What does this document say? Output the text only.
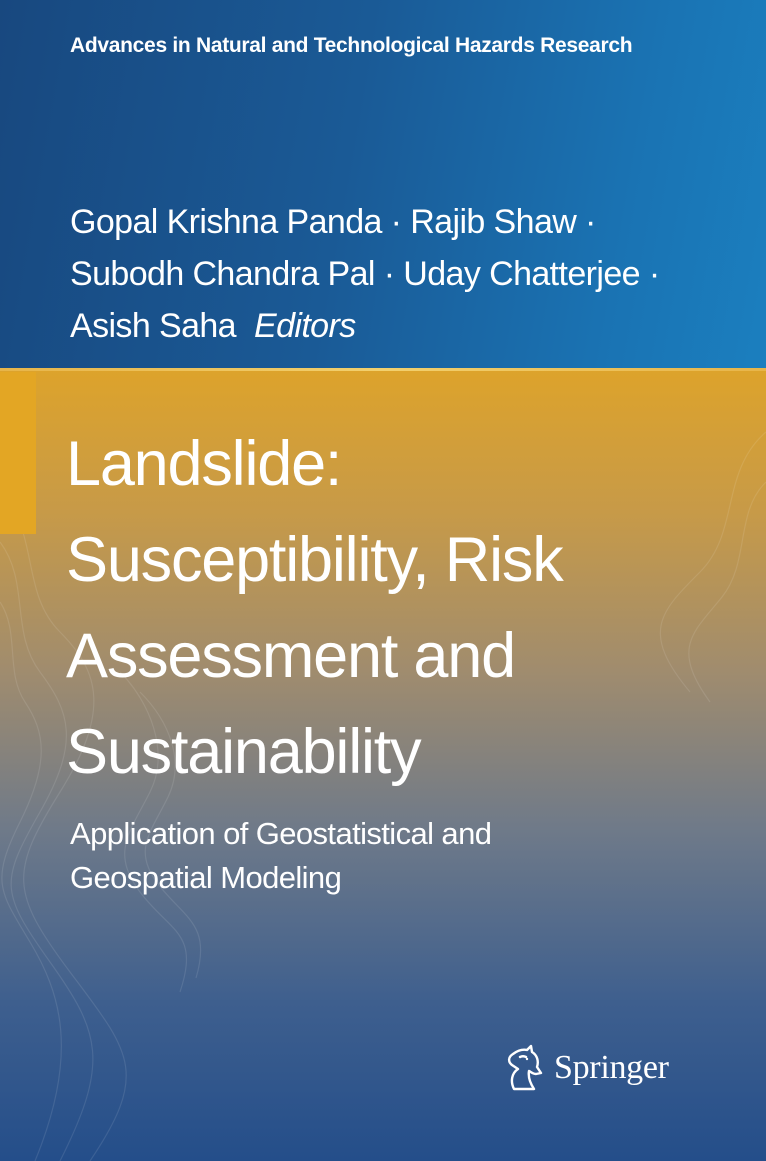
Advances in Natural and Technological Hazards Research
Gopal Krishna Panda · Rajib Shaw ·
Subodh Chandra Pal · Uday Chatterjee ·
Asish Saha Editors
Landslide:
Susceptibility, Risk
Assessment and
Sustainability
Application of Geostatistical and
Geospatial Modeling
Springer
